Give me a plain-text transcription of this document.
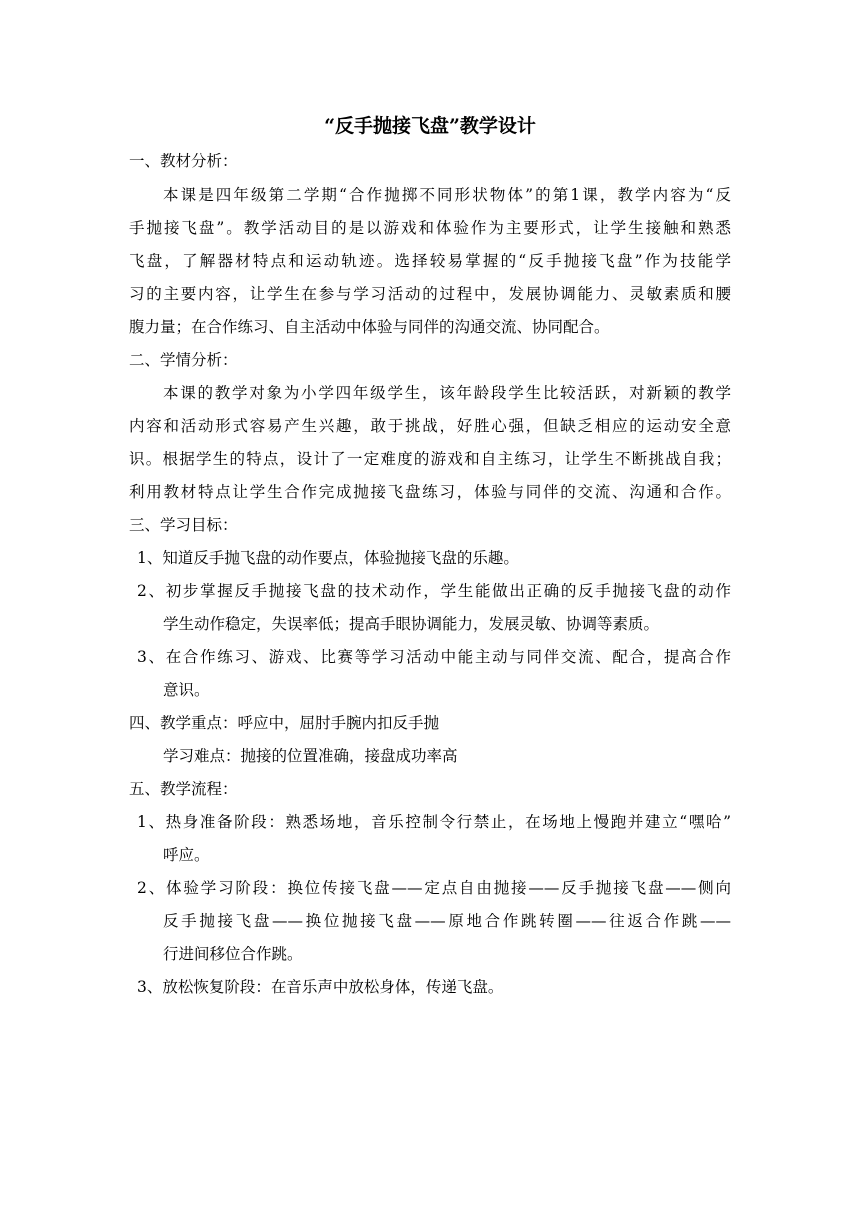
“反手抛接飞盘”教学设计
一、教材分析：
本课是四年级第二学期“合作抛掷不同形状物体”的第1课，教学内容为“反
手抛接飞盘”。教学活动目的是以游戏和体验作为主要形式，让学生接触和熟悉
飞盘，了解器材特点和运动轨迹。选择较易掌握的“反手抛接飞盘”作为技能学
习的主要内容，让学生在参与学习活动的过程中，发展协调能力、灵敏素质和腰
腹力量；在合作练习、自主活动中体验与同伴的沟通交流、协同配合。
二、学情分析：
本课的教学对象为小学四年级学生，该年龄段学生比较活跃，对新颖的教学
内容和活动形式容易产生兴趣，敢于挑战，好胜心强，但缺乏相应的运动安全意
识。根据学生的特点，设计了一定难度的游戏和自主练习，让学生不断挑战自我；
利用教材特点让学生合作完成抛接飞盘练习，体验与同伴的交流、沟通和合作。
三、学习目标：
1、知道反手抛飞盘的动作要点，体验抛接飞盘的乐趣。
2、初步掌握反手抛接飞盘的技术动作，学生能做出正确的反手抛接飞盘的动作
学生动作稳定，失误率低；提高手眼协调能力，发展灵敏、协调等素质。
3、在合作练习、游戏、比赛等学习活动中能主动与同伴交流、配合，提高合作
意识。
四、教学重点：呼应中，屈肘手腕内扣反手抛
学习难点：抛接的位置准确，接盘成功率高
五、教学流程：
1、热身准备阶段：熟悉场地，音乐控制令行禁止，在场地上慢跑并建立“嘿哈”
呼应。
2、体验学习阶段：换位传接飞盘——定点自由抛接——反手抛接飞盘——侧向
反手抛接飞盘——换位抛接飞盘——原地合作跳转圈——往返合作跳——
行进间移位合作跳。
3、放松恢复阶段：在音乐声中放松身体，传递飞盘。
